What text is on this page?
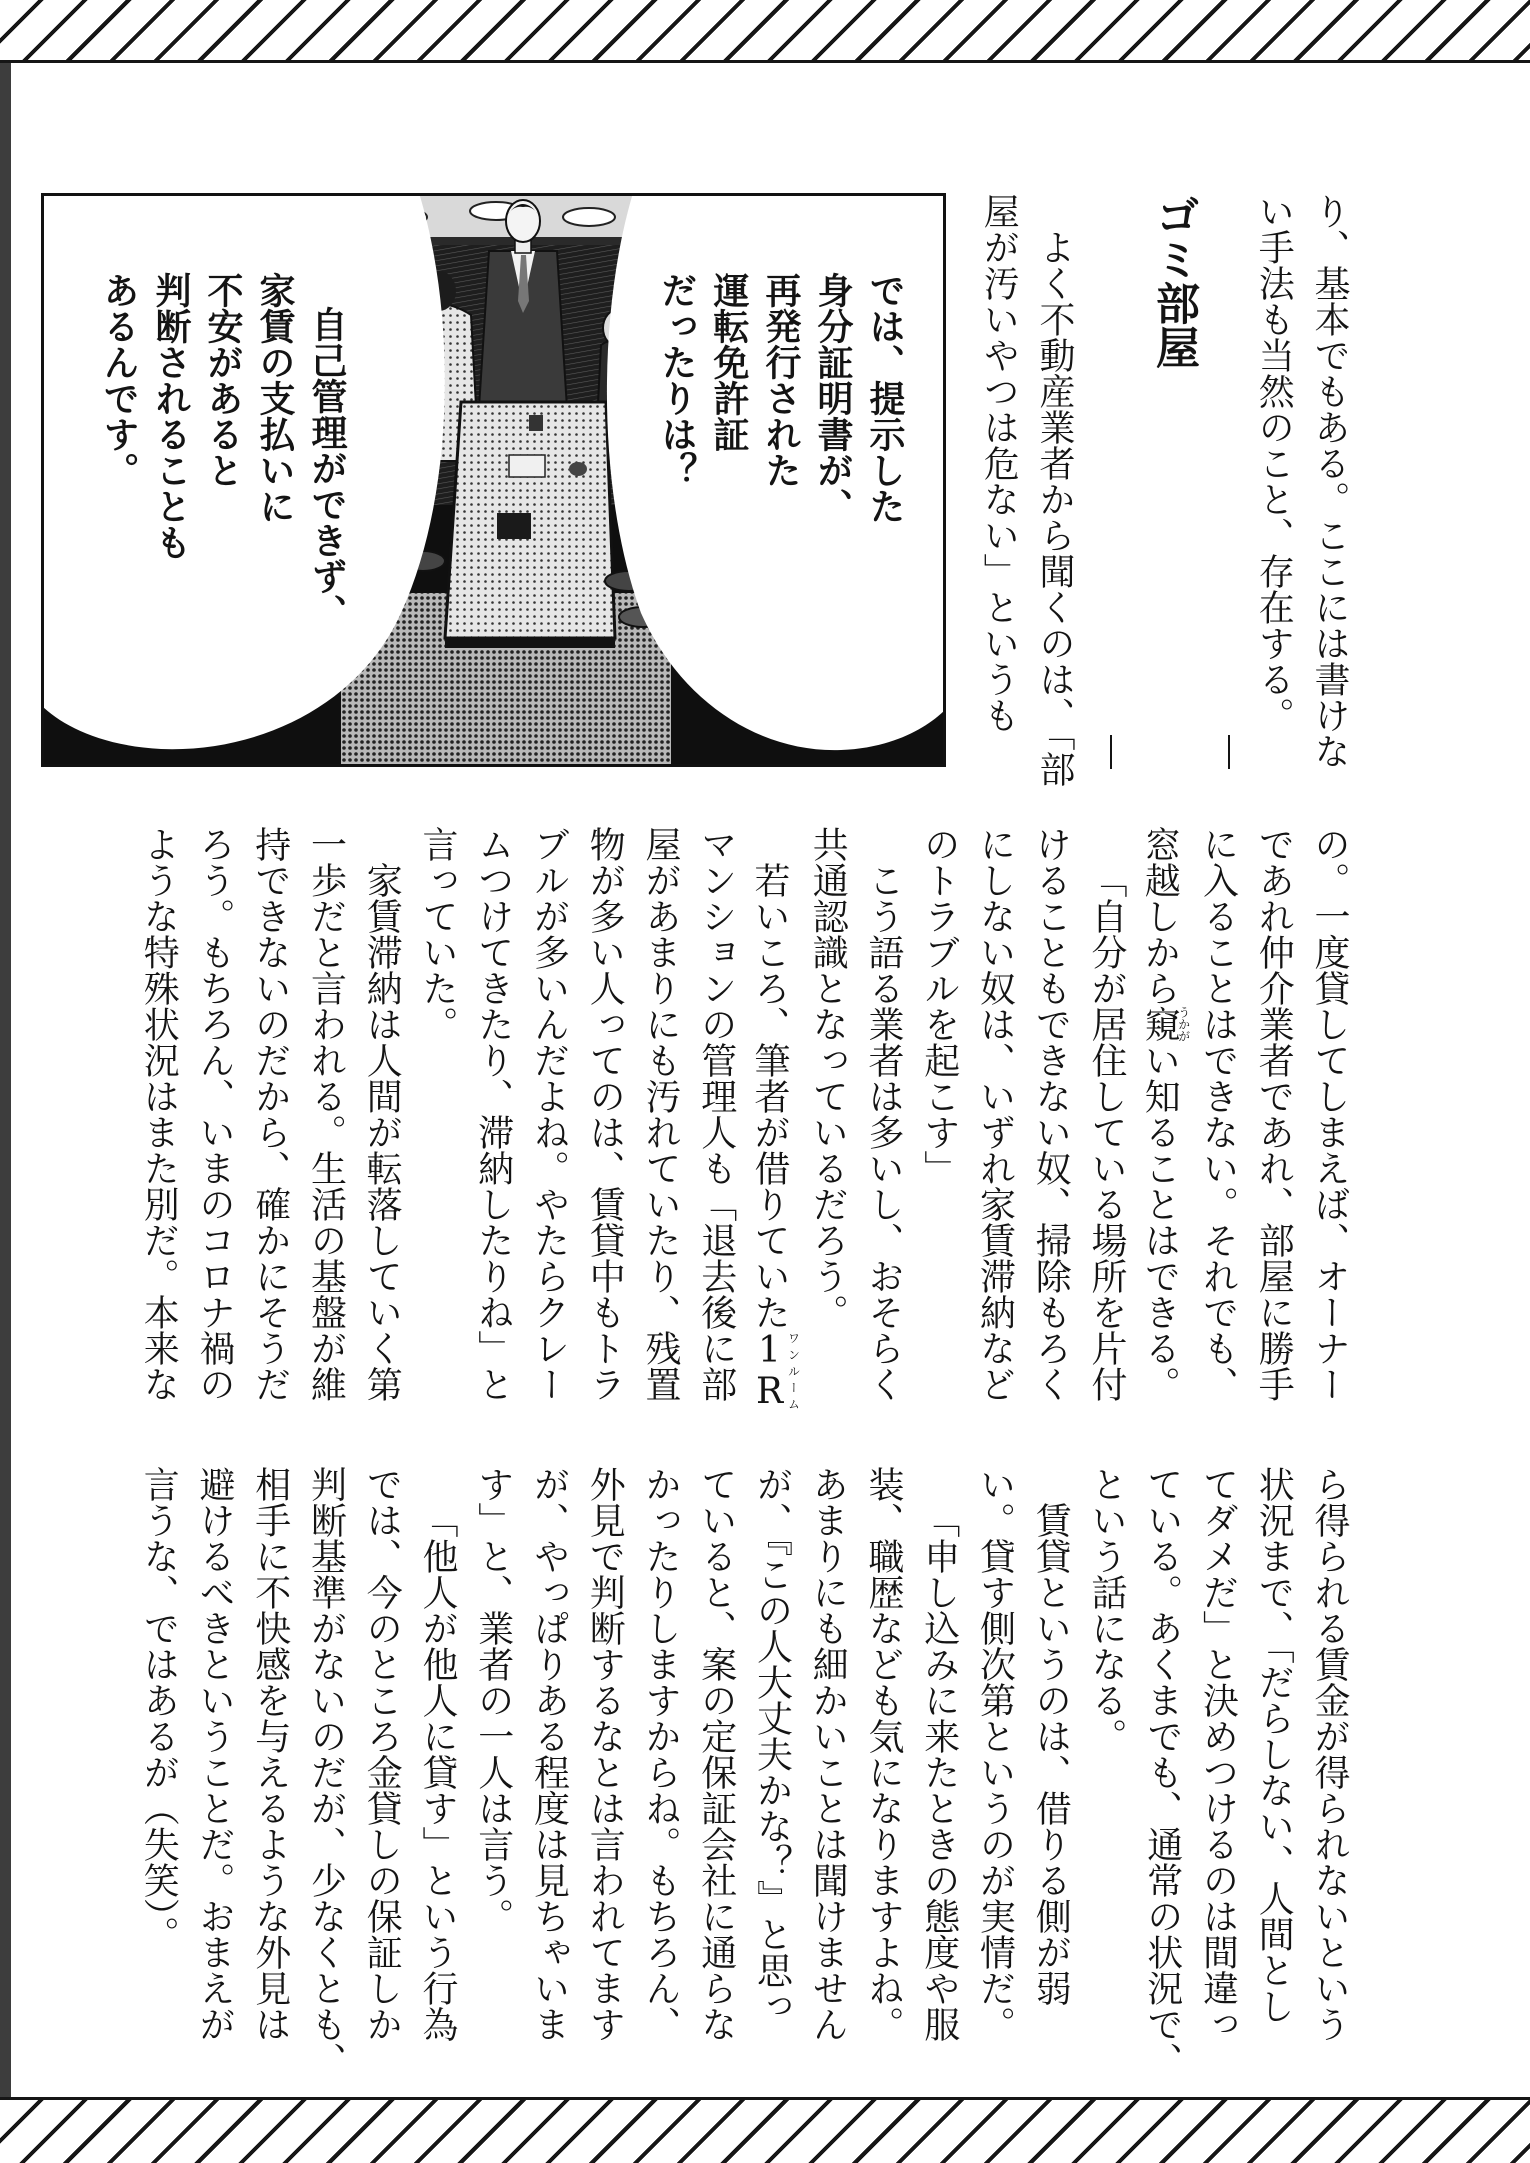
り、基本でもある。ここには書けな
い手法も当然のこと、存在する。
ゴミ部屋
よく不動産業者から聞くのは、「部
屋が汚いやつは危ない」というも
では、提示した
身分証明書が、
再発行された
運転免許証
だったりは？
自己管理ができず、
家賃の支払いに
不安があると
判断されることも
あるんです。
の。一度貸してしまえば、オーナー
であれ仲介業者であれ、部屋に勝手
に入ることはできない。それでも、
窓越しから窺うかがい知ることはできる。
「自分が居住している場所を片付
けることもできない奴、掃除もろく
にしない奴は、いずれ家賃滞納など
のトラブルを起こす」
こう語る業者は多いし、おそらく
共通認識となっているだろう。
若いころ、筆者が借りていた1Rワンルーム
マンションの管理人も「退去後に部
屋があまりにも汚れていたり、残置
物が多い人ってのは、賃貸中もトラ
ブルが多いんだよね。やたらクレー
ムつけてきたり、滞納したりね」と
言っていた。
家賃滞納は人間が転落していく第
一歩だと言われる。生活の基盤が維
持できないのだから、確かにそうだ
ろう。もちろん、いまのコロナ禍の
ような特殊状況はまた別だ。本来な
ら得られる賃金が得られないという
状況まで、「だらしない、人間とし
てダメだ」と決めつけるのは間違っ
ている。あくまでも、通常の状況で、
という話になる。
賃貸というのは、借りる側が弱
い。貸す側次第というのが実情だ。
「申し込みに来たときの態度や服
装、職歴なども気になりますよね。
あまりにも細かいことは聞けません
が、『この人大丈夫かな？』と思っ
ていると、案の定保証会社に通らな
かったりしますからね。もちろん、
外見で判断するなとは言われてます
が、やっぱりある程度は見ちゃいま
す」と、業者の一人は言う。
「他人が他人に貸す」という行為
では、今のところ金貸しの保証しか
判断基準がないのだが、少なくとも、
相手に不快感を与えるような外見は
避けるべきということだ。おまえが
言うな、ではあるが（失笑）。
